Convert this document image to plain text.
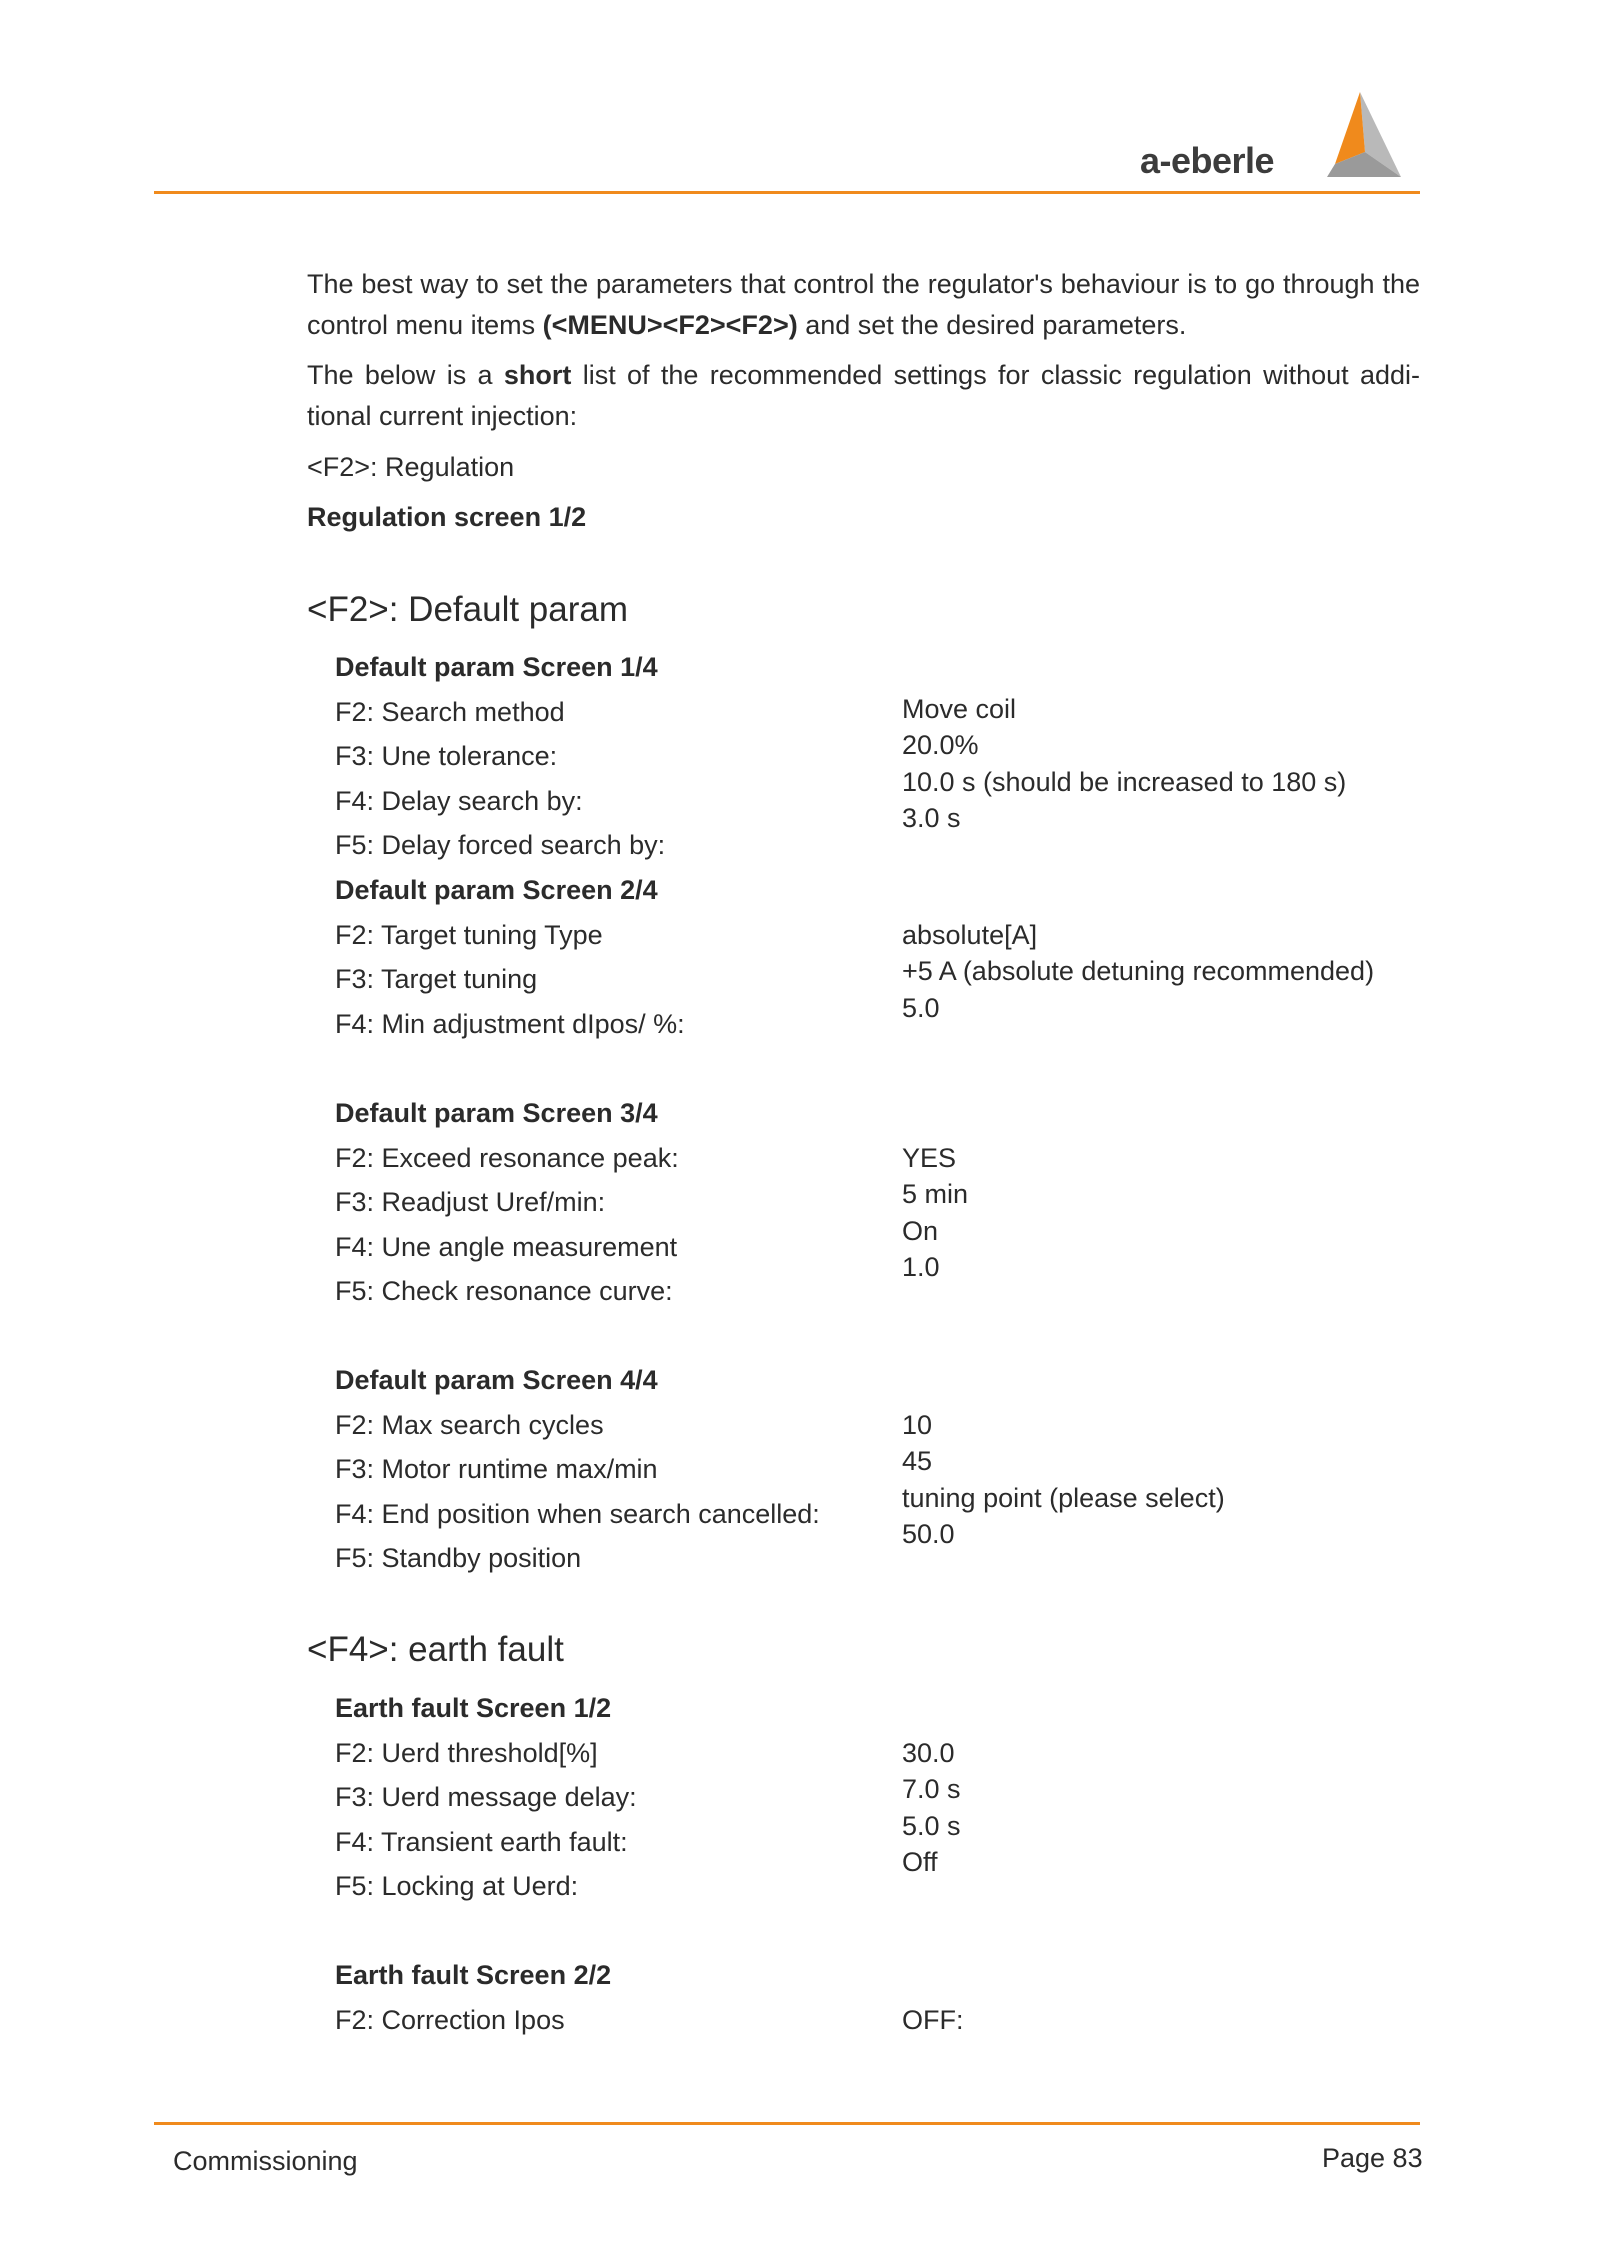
a-eberle

The best way to set the parameters that control the regulator's behaviour is to go through the control menu items (<MENU><F2><F2>) and set the desired parameters.

The below is a short list of the recommended settings for classic regulation without addi-tional current injection:

<F2>: Regulation
Regulation screen 1/2
<F2>: Default param
Default param Screen 1/4
F2: Search method
F3: Une tolerance:
F4: Delay search by:
F5: Delay forced search by:
Move coil
20.0%
10.0 s (should be increased to 180 s)
3.0 s
Default param Screen 2/4
F2: Target tuning Type
F3: Target tuning
F4: Min adjustment dIpos/ %:
absolute[A]
+5 A (absolute detuning recommended)
5.0
Default param Screen 3/4
F2: Exceed resonance peak:
F3: Readjust Uref/min:
F4: Une angle measurement
F5: Check resonance curve:
YES
5 min
On
1.0
Default param Screen 4/4
F2: Max search cycles
F3: Motor runtime max/min
F4: End position when search cancelled:
F5: Standby position
10
45
tuning point (please select)
50.0
<F4>: earth fault
Earth fault Screen 1/2
F2: Uerd threshold[%]
F3: Uerd message delay:
F4: Transient earth fault:
F5: Locking at Uerd:
30.0
7.0 s
5.0 s
Off
Earth fault Screen 2/2
F2: Correction Ipos	OFF:
Commissioning	Page 83
